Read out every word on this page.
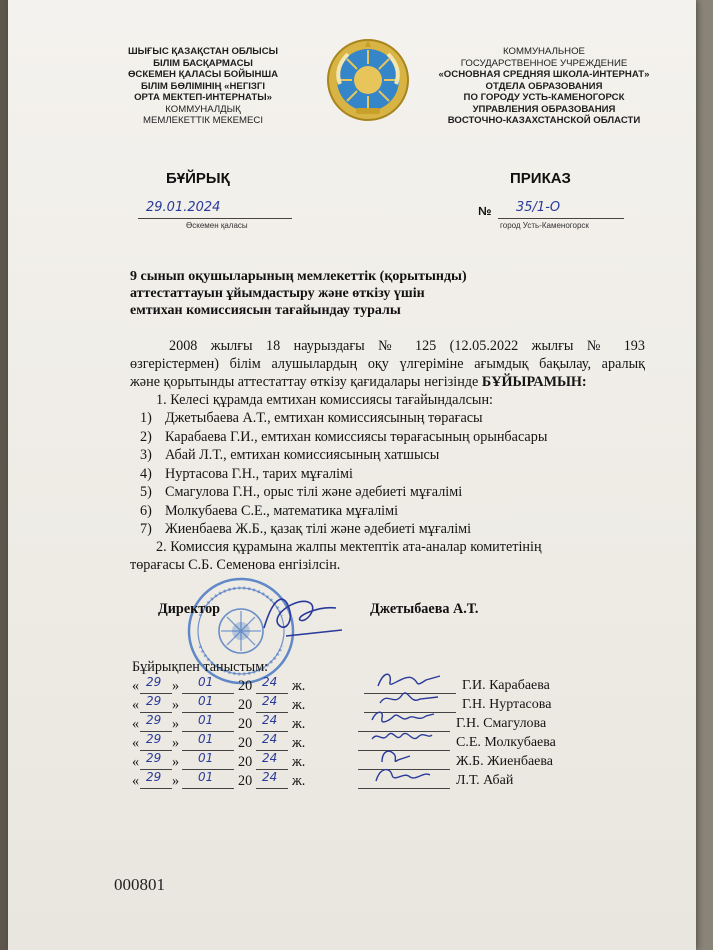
ШЫҒЫС ҚАЗАҚСТАН ОБЛЫСЫ
БІЛІМ БАСҚАРМАСЫ
ӨСКЕМЕН ҚАЛАСЫ БОЙЫНША
БІЛІМ БӨЛІМІНІҢ «НЕГІЗГІ
ОРТА МЕКТЕП-ИНТЕРНАТЫ»
КОММУНАЛДЫҚ
МЕМЛЕКЕТТІК МЕКЕМЕСІ
КОММУНАЛЬНОЕ
ГОСУДАРСТВЕННОЕ УЧРЕЖДЕНИЕ
«ОСНОВНАЯ СРЕДНЯЯ ШКОЛА-ИНТЕРНАТ»
ОТДЕЛА ОБРАЗОВАНИЯ
ПО ГОРОДУ УСТЬ-КАМЕНОГОРСК
УПРАВЛЕНИЯ ОБРАЗОВАНИЯ
ВОСТОЧНО-КАЗАХСТАНСКОЙ ОБЛАСТИ
БҰЙРЫҚ	ПРИКАЗ
29.01.2024
Өскемен қаласы
№ 35/1-О
город Усть-Каменогорск
9 сынып оқушыларының мемлекеттік (қорытынды)
аттестаттауын ұйымдастыру және өткізу үшін
емтихан комиссиясын тағайындау туралы
2008 жылғы 18 наурыздағы № 125 (12.05.2022 жылғы № 193
өзгерістермен) білім алушылардың оқу үлгеріміне ағымдық бақылау, аралық
және қорытынды аттестаттау өткізу қағидалары негізінде БҰЙЫРАМЫН:
1. Келесі құрамда емтихан комиссиясы тағайындалсын:
1) Джетыбаева А.Т., емтихан комиссиясының төрағасы
2) Карабаева Г.И., емтихан комиссиясы төрағасының орынбасары
3) Абай Л.Т., емтихан комиссиясының хатшысы
4) Нуртасова Г.Н., тарих мұғалімі
5) Смагулова Г.Н., орыс тілі және әдебиеті мұғалімі
6) Молкубаева С.Е., математика мұғалімі
7) Жиенбаева Ж.Б., қазақ тілі және әдебиеті мұғалімі
2. Комиссия құрамына жалпы мектептік ата-аналар комитетінің
төрағасы С.Б. Семенова енгізілсін.
Директор	Джетыбаева А.Т.
Бұйрықпен таныстым:
« 29 » 01 20 24 ж.	Г.И. Карабаева
« 29 » 01 20 24 ж.	Г.Н. Нуртасова
« 29 » 01 20 24 ж.	Г.Н. Смагулова
« 29 » 01 20 24 ж.	С.Е. Молкубаева
« 29 » 01 20 24 ж.	Ж.Б. Жиенбаева
« 29 » 01 20 24 ж.	Л.Т. Абай
000801
